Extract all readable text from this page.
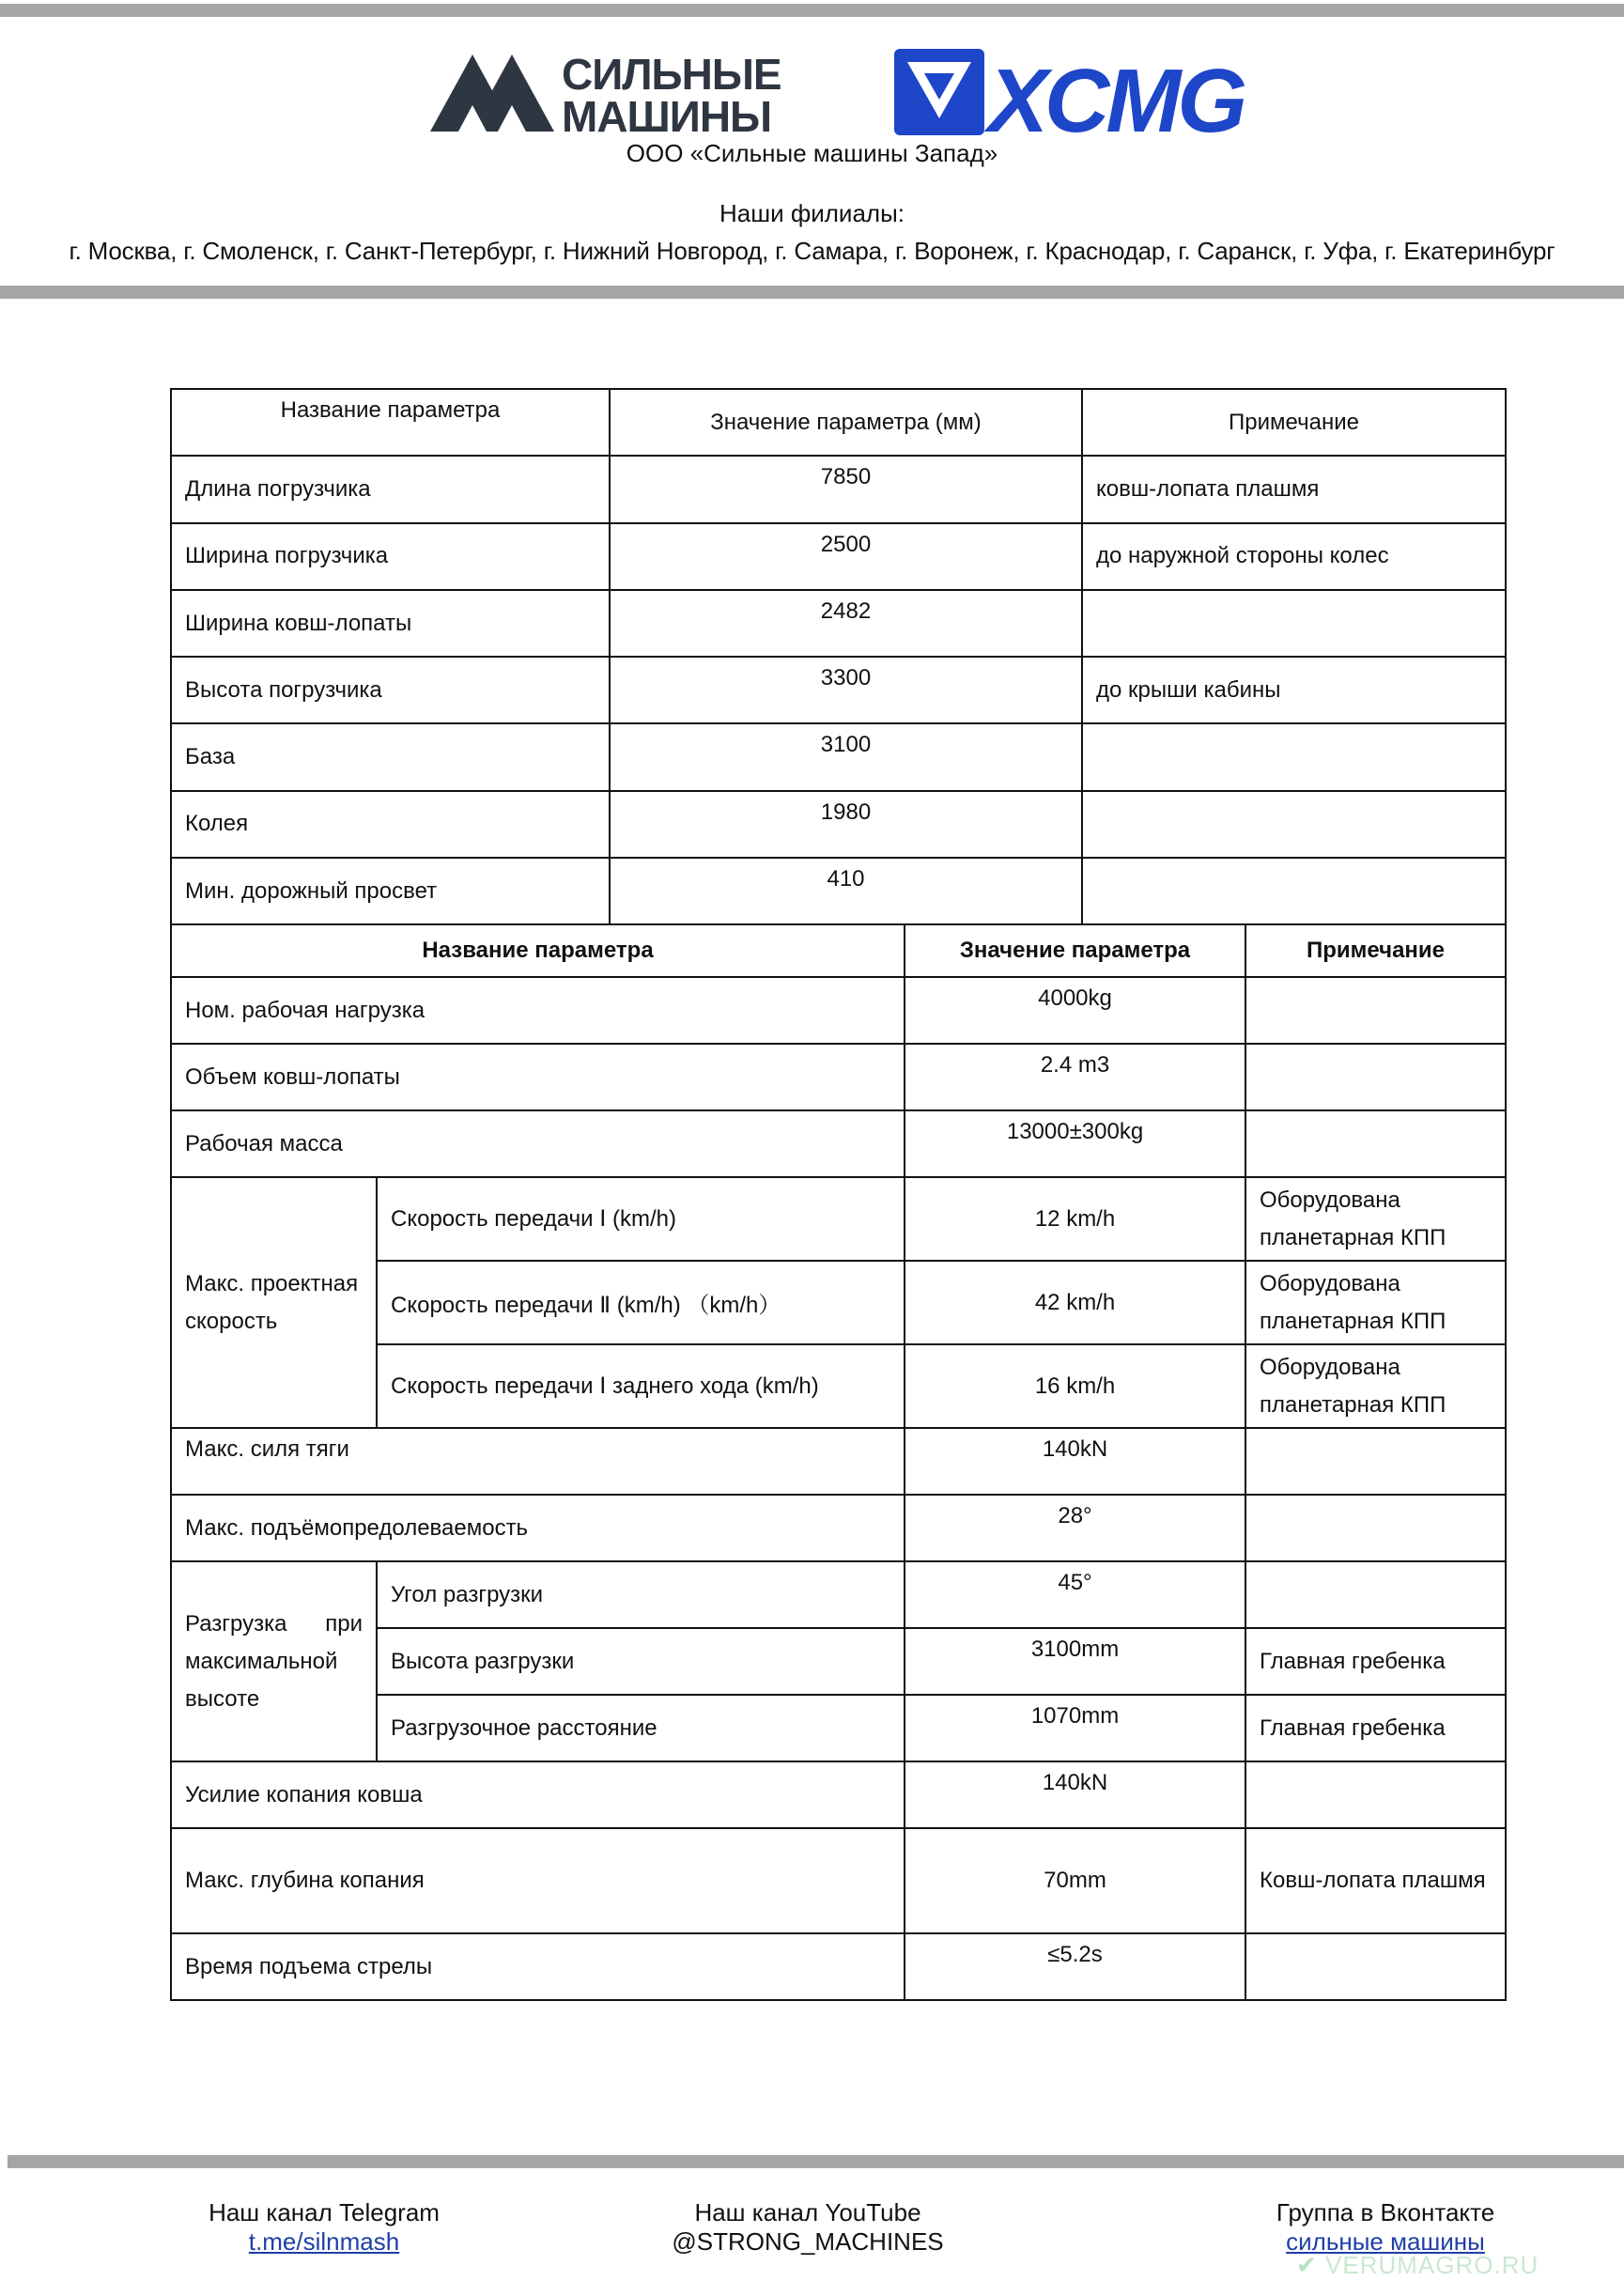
СИЛЬНЫЕ
МАШИНЫ XCMG
ООО «Сильные машины Запад»
Наши филиалы:
г. Москва, г. Смоленск, г. Санкт-Петербург, г. Нижний Новгород, г. Самара, г. Воронеж, г. Краснодар, г. Саранск, г. Уфа, г. Екатеринбург
Название параметра	Значение параметра (мм)	Примечание
Длина погрузчика	7850	ковш-лопата плашмя
Ширина погрузчика	2500	до наружной стороны колес
Ширина ковш-лопаты	2482	
Высота погрузчика	3300	до крыши кабины
База	3100	
Колея	1980	
Мин. дорожный просвет	410	
Название параметра		Значение параметра	Примечание
Ном. рабочая нагрузка		4000kg	
Объем ковш-лопаты		2.4 m3	
Рабочая масса		13000±300kg	
Макс. проектная скорость	Скорость передачи Ⅰ (km/h)	12 km/h	Оборудована планетарная КПП
	Скорость передачи Ⅱ (km/h) （km/h）	42 km/h	Оборудована планетарная КПП
	Скорость передачи Ⅰ заднего хода (km/h)	16 km/h	Оборудована планетарная КПП
Макс. силя тяги		140kN	
Макс. подъёмопредолеваемость		28°	
Разгрузка при максимальной высоте	Угол разгрузки	45°	
	Высота разгрузки	3100mm	Главная гребенка
	Разгрузочное расстояние	1070mm	Главная гребенка
Усилие копания ковша		140kN	
Макс. глубина копания		70mm	Ковш-лопата плашмя
Время подъема стрелы		≤5.2s	
Наш канал Telegram
t.me/silnmash
Наш канал YouTube
@STRONG_MACHINES
Группа в Вконтакте
сильные машины
✔ VERUMAGRO.RU
